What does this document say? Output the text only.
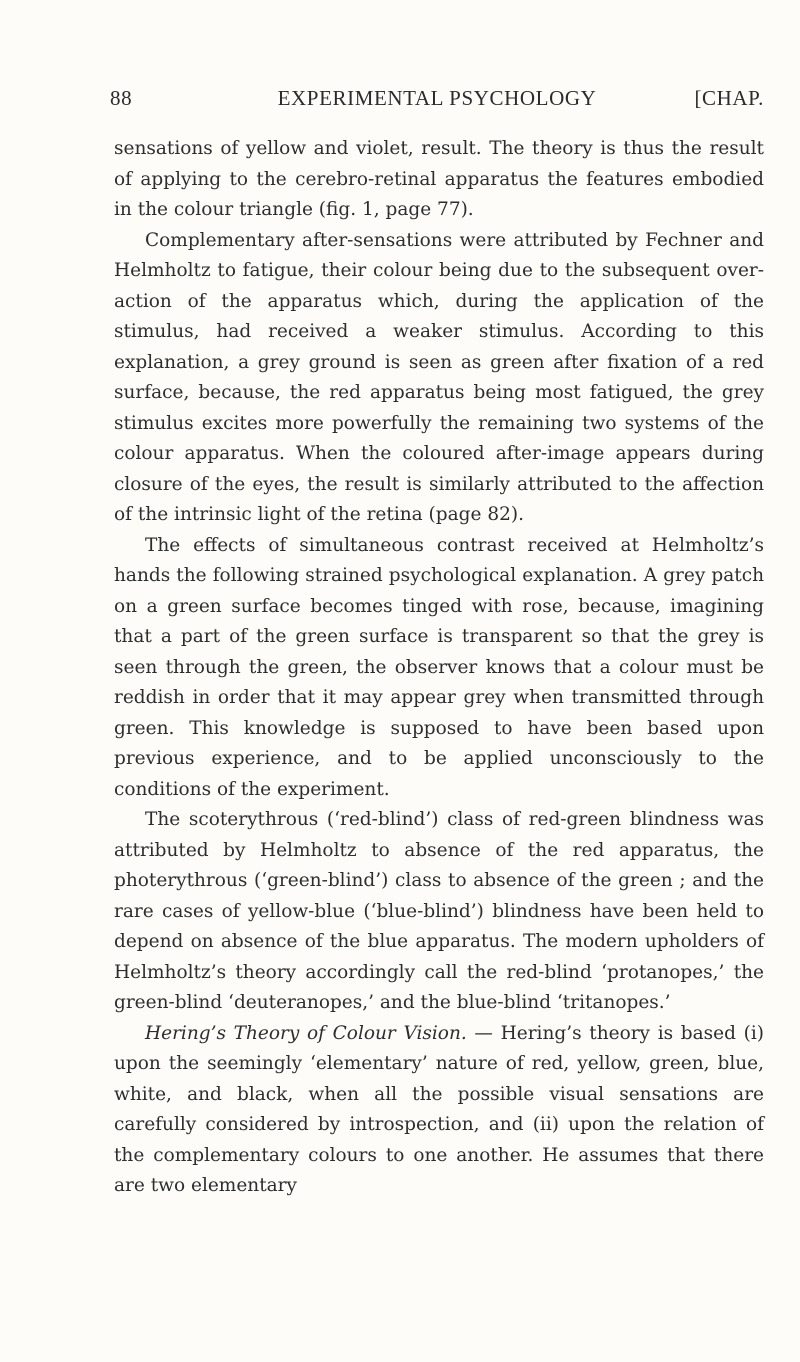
88	EXPERIMENTAL PSYCHOLOGY	[CHAP.

sensations of yellow and violet, result. The theory is thus the result of applying to the cerebro-retinal apparatus the features embodied in the colour triangle (fig. 1, page 77).

Complementary after-sensations were attributed by Fechner and Helmholtz to fatigue, their colour being due to the subsequent over-action of the apparatus which, during the application of the stimulus, had received a weaker stimulus. According to this explanation, a grey ground is seen as green after fixation of a red surface, because, the red apparatus being most fatigued, the grey stimulus excites more powerfully the remaining two systems of the colour apparatus. When the coloured after-image appears during closure of the eyes, the result is similarly attributed to the affection of the intrinsic light of the retina (page 82).

The effects of simultaneous contrast received at Helmholtz’s hands the following strained psychological explanation. A grey patch on a green surface becomes tinged with rose, because, imagining that a part of the green surface is transparent so that the grey is seen through the green, the observer knows that a colour must be reddish in order that it may appear grey when transmitted through green. This knowledge is supposed to have been based upon previous experience, and to be applied unconsciously to the conditions of the experiment.

The scoterythrous (‘red-blind’) class of red-green blindness was attributed by Helmholtz to absence of the red apparatus, the photerythrous (‘green-blind’) class to absence of the green ; and the rare cases of yellow-blue (‘blue-blind’) blindness have been held to depend on absence of the blue apparatus. The modern upholders of Helmholtz’s theory accordingly call the red-blind ‘protanopes,’ the green-blind ‘deuteranopes,’ and the blue-blind ‘tritanopes.’

Hering’s Theory of Colour Vision. — Hering’s theory is based (i) upon the seemingly ‘elementary’ nature of red, yellow, green, blue, white, and black, when all the possible visual sensations are carefully considered by introspection, and (ii) upon the relation of the complementary colours to one another. He assumes that there are two elementary
